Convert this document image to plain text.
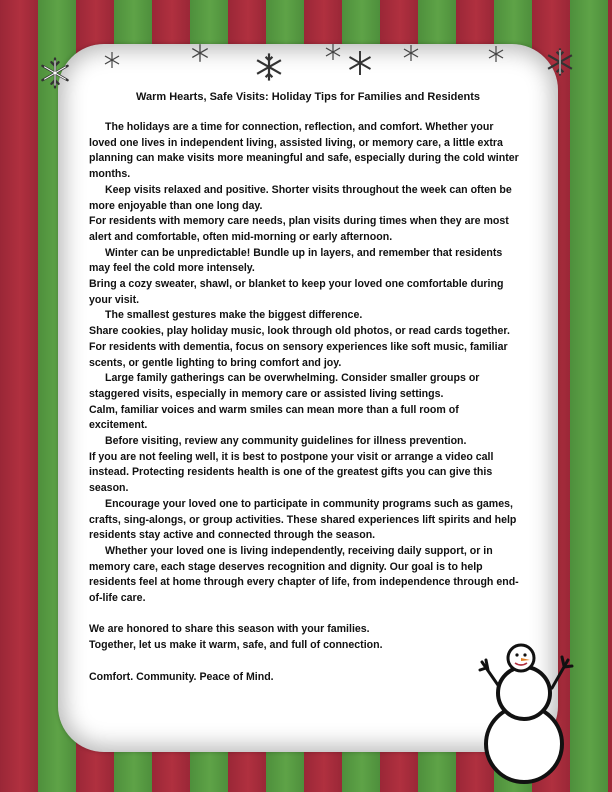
Warm Hearts, Safe Visits: Holiday Tips for Families and Residents

The holidays are a time for connection, reflection, and comfort. Whether your loved one lives in independent living, assisted living, or memory care, a little extra planning can make visits more meaningful and safe, especially during the cold winter months.

Keep visits relaxed and positive. Shorter visits throughout the week can often be more enjoyable than one long day.

For residents with memory care needs, plan visits during times when they are most alert and comfortable, often mid-morning or early afternoon.

Winter can be unpredictable! Bundle up in layers, and remember that residents may feel the cold more intensely.

Bring a cozy sweater, shawl, or blanket to keep your loved one comfortable during your visit.

The smallest gestures make the biggest difference.

Share cookies, play holiday music, look through old photos, or read cards together. For residents with dementia, focus on sensory experiences like soft music, familiar scents, or gentle lighting to bring comfort and joy.

Large family gatherings can be overwhelming. Consider smaller groups or staggered visits, especially in memory care or assisted living settings.

Calm, familiar voices and warm smiles can mean more than a full room of excitement.

Before visiting, review any community guidelines for illness prevention.

If you are not feeling well, it is best to postpone your visit or arrange a video call instead. Protecting residents health is one of the greatest gifts you can give this season.

Encourage your loved one to participate in community programs such as games, crafts, sing-alongs, or group activities. These shared experiences lift spirits and help residents stay active and connected through the season.

Whether your loved one is living independently, receiving daily support, or in memory care, each stage deserves recognition and dignity. Our goal is to help residents feel at home through every chapter of life, from independence through end-of-life care.

We are honored to share this season with your families.

Together, let us make it warm, safe, and full of connection.

Comfort. Community. Peace of Mind.
